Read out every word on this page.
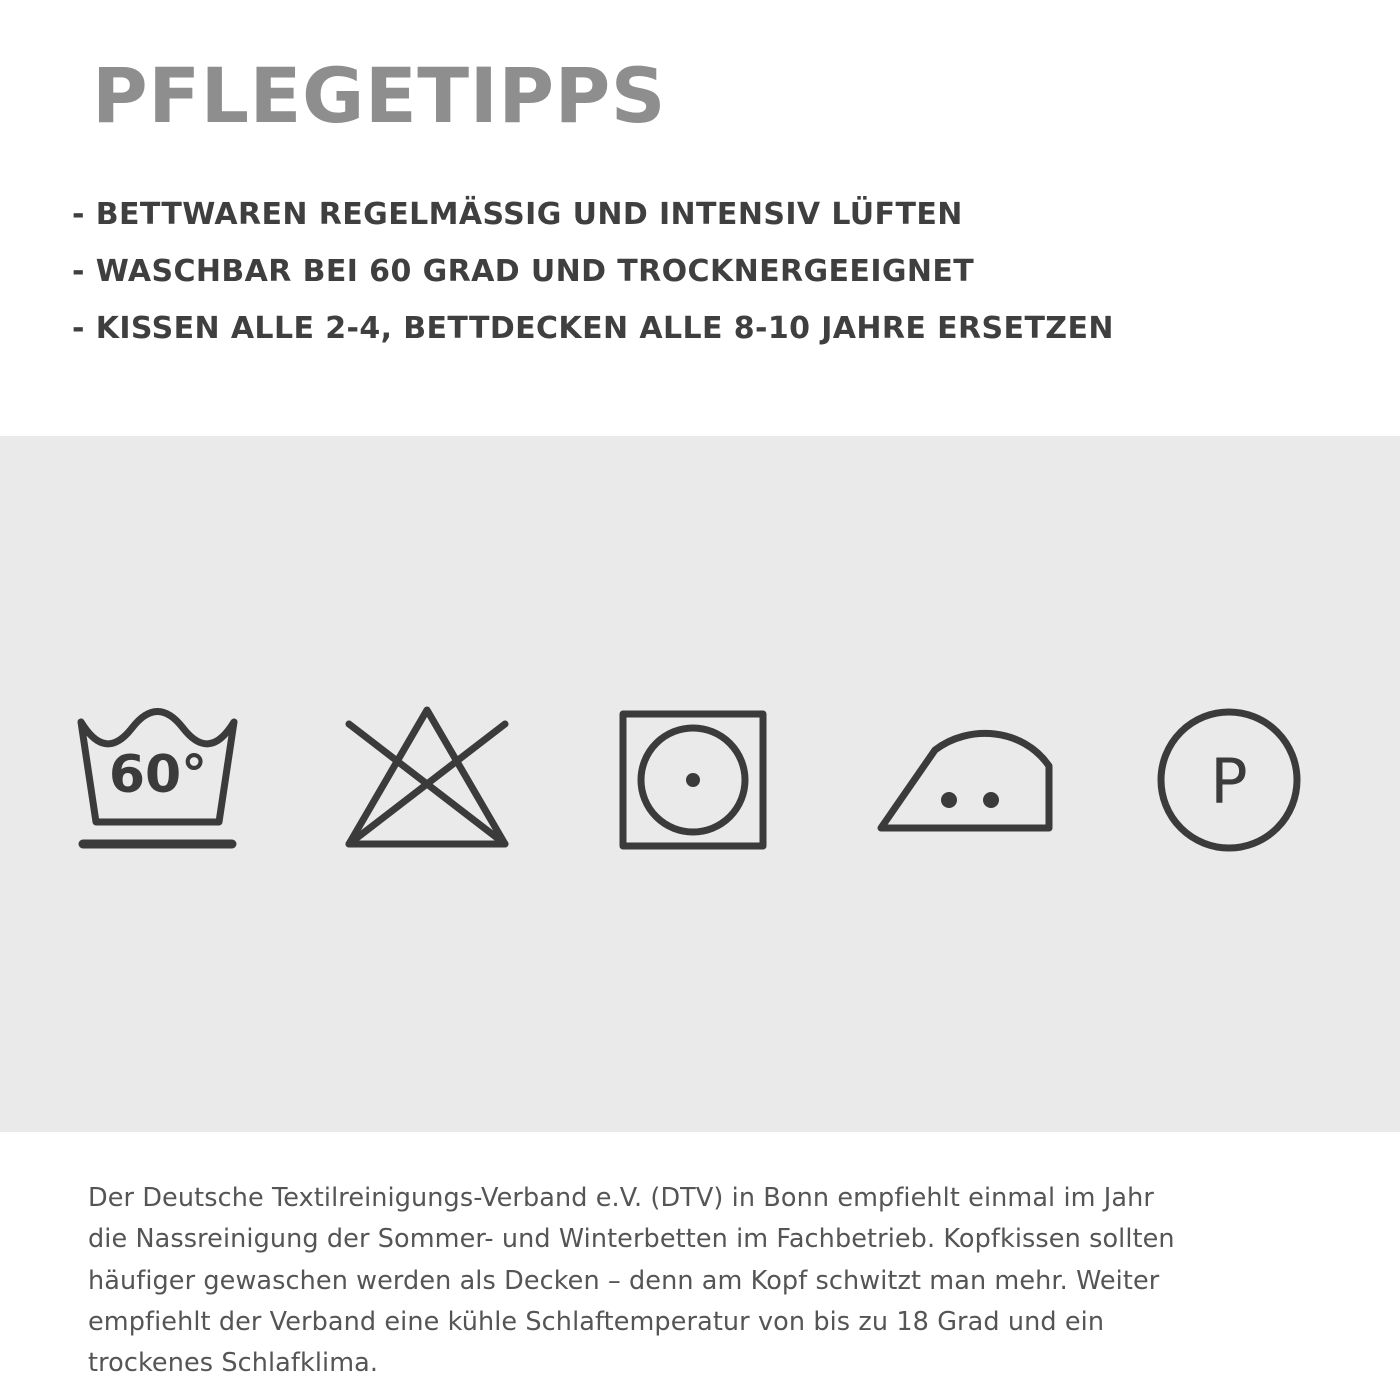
PFLEGETIPPS
- BETTWAREN REGELMÄSSIG UND INTENSIV LÜFTEN
- WASCHBAR BEI 60 GRAD UND TROCKNERGEEIGNET
- KISSEN ALLE 2-4, BETTDECKEN ALLE 8-10 JAHRE ERSETZEN
60°	P

Der Deutsche Textilreinigungs-Verband e.V. (DTV) in Bonn empfiehlt einmal im Jahr die Nassreinigung der Sommer- und Winterbetten im Fachbetrieb. Kopfkissen sollten häufiger gewaschen werden als Decken – denn am Kopf schwitzt man mehr. Weiter empfiehlt der Verband eine kühle Schlaftemperatur von bis zu 18 Grad und ein trockenes Schlafklima.
